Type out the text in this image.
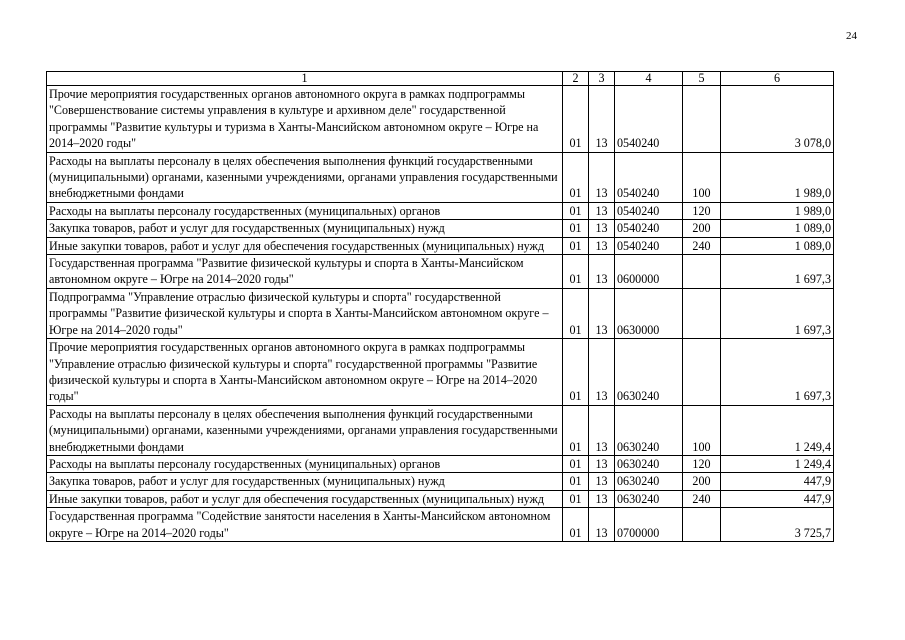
24
1	2	3	4	5	6
Прочие мероприятия государственных органов автономного округа в рамках подпрограммы "Совершенствование системы управления в культуре и архивном деле" государственной программы "Развитие культуры и туризма в Ханты-Мансийском автономном округе – Югре на 2014–2020 годы"	01	13	0540240		3 078,0
Расходы на выплаты персоналу в целях обеспечения выполнения функций государственными (муниципальными) органами, казенными учреждениями, органами управления государственными внебюджетными фондами	01	13	0540240	100	1 989,0
Расходы на выплаты персоналу государственных (муниципальных) органов	01	13	0540240	120	1 989,0
Закупка товаров, работ и услуг для государственных (муниципальных) нужд	01	13	0540240	200	1 089,0
Иные закупки товаров, работ и услуг для обеспечения государственных (муниципальных) нужд	01	13	0540240	240	1 089,0
Государственная программа "Развитие физической культуры и спорта в Ханты-Мансийском автономном округе – Югре на 2014–2020 годы"	01	13	0600000		1 697,3
Подпрограмма "Управление отраслью физической культуры и спорта" государственной программы "Развитие физической культуры и спорта в Ханты-Мансийском автономном округе – Югре на 2014–2020 годы"	01	13	0630000		1 697,3
Прочие мероприятия государственных органов автономного округа в рамках подпрограммы "Управление отраслью физической культуры и спорта" государственной программы "Развитие физической культуры и спорта в Ханты-Мансийском автономном округе – Югре на 2014–2020 годы"	01	13	0630240		1 697,3
Расходы на выплаты персоналу в целях обеспечения выполнения функций государственными (муниципальными) органами, казенными учреждениями, органами управления государственными внебюджетными фондами	01	13	0630240	100	1 249,4
Расходы на выплаты персоналу государственных (муниципальных) органов	01	13	0630240	120	1 249,4
Закупка товаров, работ и услуг для государственных (муниципальных) нужд	01	13	0630240	200	447,9
Иные закупки товаров, работ и услуг для обеспечения государственных (муниципальных) нужд	01	13	0630240	240	447,9
Государственная программа "Содействие занятости населения в Ханты-Мансийском автономном округе – Югре на 2014–2020 годы"	01	13	0700000		3 725,7
